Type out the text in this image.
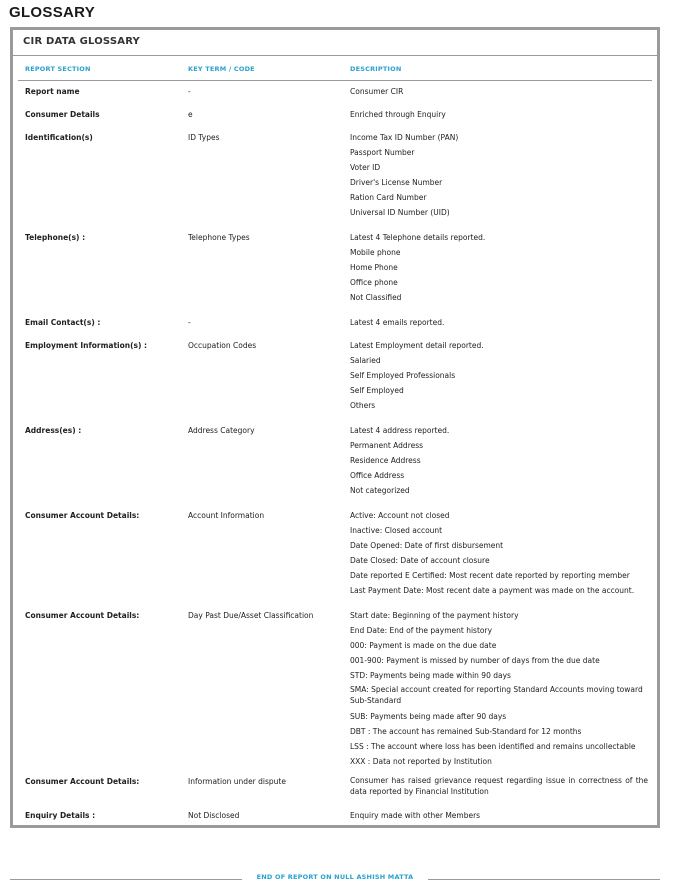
GLOSSARY
CIR DATA GLOSSARY
REPORT SECTION	KEY TERM / CODE	DESCRIPTION
Report name	-	Consumer CIR
Consumer Details	e	Enriched through Enquiry
Identification(s)	ID Types	Income Tax ID Number (PAN)
Passport Number
Voter ID
Driver's License Number
Ration Card Number
Universal ID Number (UID)
Telephone(s) :	Telephone Types	Latest 4 Telephone details reported.
Mobile phone
Home Phone
Office phone
Not Classified
Email Contact(s) :	-	Latest 4 emails reported.
Employment Information(s) :	Occupation Codes	Latest Employment detail reported.
Salaried
Self Employed Professionals
Self Employed
Others
Address(es) :	Address Category	Latest 4 address reported.
Permanent Address
Residence Address
Office Address
Not categorized
Consumer Account Details:	Account Information	Active: Account not closed
Inactive: Closed account
Date Opened: Date of first disbursement
Date Closed: Date of account closure
Date reported E Certified: Most recent date reported by reporting member
Last Payment Date: Most recent date a payment was made on the account.
Consumer Account Details:	Day Past Due/Asset Classification	Start date: Beginning of the payment history
End Date: End of the payment history
000: Payment is made on the due date
001-900: Payment is missed by number of days from the due date
STD: Payments being made within 90 days
SMA: Special account created for reporting Standard Accounts moving toward Sub-Standard
SUB: Payments being made after 90 days
DBT : The account has remained Sub-Standard for 12 months
LSS : The account where loss has been identified and remains uncollectable
XXX : Data not reported by Institution
Consumer Account Details:	Information under dispute	Consumer has raised grievance request regarding issue in correctness of the data reported by Financial Institution
Enquiry Details :	Not Disclosed	Enquiry made with other Members
END OF REPORT ON NULL ASHISH MATTA
